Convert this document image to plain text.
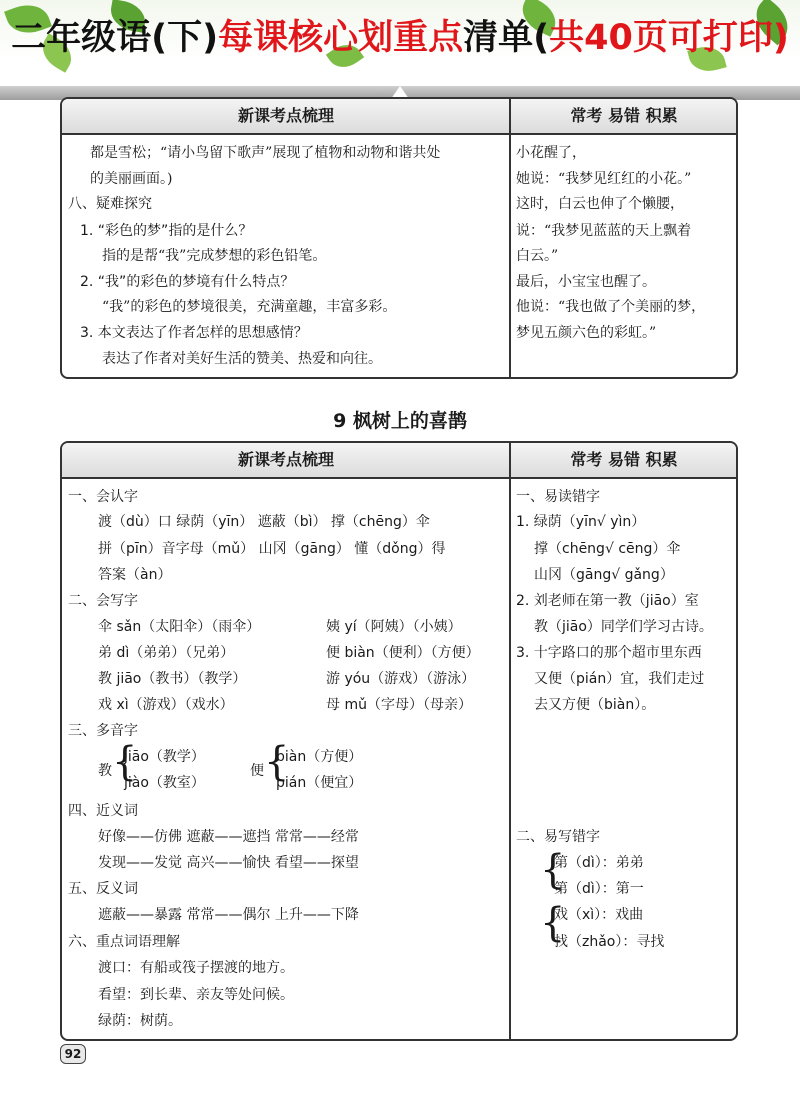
二年级语(下)每课核心划重点清单(共40页可打印)
新课考点梳理	常考 易错 积累
都是雪松；“请小鸟留下歌声”展现了植物和动物和谐共处
的美丽画面。)
八、疑难探究
1. “彩色的梦”指的是什么？
指的是帮“我”完成梦想的彩色铅笔。
2. “我”的彩色的梦境有什么特点？
“我”的彩色的梦境很美，充满童趣，丰富多彩。
3. 本文表达了作者怎样的思想感情？
表达了作者对美好生活的赞美、热爱和向往。
小花醒了，
她说：“我梦见红红的小花。”
这时，白云也伸了个懒腰，
说：“我梦见蓝蓝的天上飘着
白云。”
最后，小宝宝也醒了。
他说：“我也做了个美丽的梦，
梦见五颜六色的彩虹。”
9 枫树上的喜鹊
新课考点梳理	常考 易错 积累
一、会认字
渡（dù）口 绿荫（yīn） 遮蔽（bì） 撑（chēng）伞
拼（pīn）音字母（mǔ） 山冈（gāng） 懂（dǒng）得
答案（àn）
二、会写字
伞 sǎn（太阳伞）（雨伞）	姨 yí（阿姨）（小姨）
弟 dì（弟弟）（兄弟）	便 biàn（便利）（方便）
教 jiāo（教书）（教学）	游 yóu（游戏）（游泳）
戏 xì（游戏）（戏水）	母 mǔ（字母）（母亲）
三、多音字
教 {
jiāo（教学）
jiào（教室）
便 {
biàn（方便）
pián（便宜）
四、近义词
好像——仿佛 遮蔽——遮挡 常常——经常
发现——发觉 高兴——愉快 看望——探望
五、反义词
遮蔽——暴露 常常——偶尔 上升——下降
六、重点词语理解
渡口：有船或筏子摆渡的地方。
看望：到长辈、亲友等处问候。
绿荫：树荫。
一、易读错字
1. 绿荫（yīn√ yìn）
撑（chēng√ cēng）伞
山冈（gāng√ gǎng）
2. 刘老师在第一教（jiāo）室
教（jiāo）同学们学习古诗。
3. 十字路口的那个超市里东西
又便（pián）宜，我们走过
去又方便（biàn）。
二、易写错字
{
第（dì）：弟弟
第（dì）：第一
{
戏（xì）：戏曲
找（zhǎo）：寻找
92
